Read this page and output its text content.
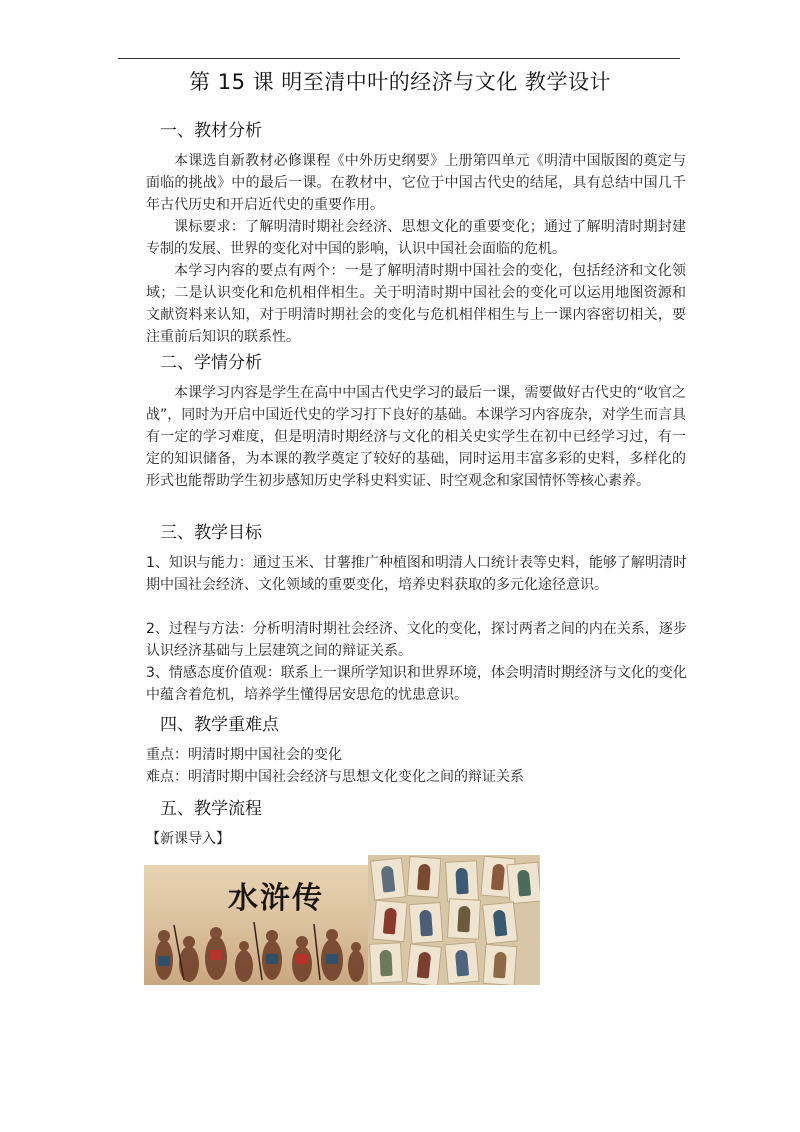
第 15 课 明至清中叶的经济与文化 教学设计
一、教材分析

本课选自新教材必修课程《中外历史纲要》上册第四单元《明清中国版图的奠定与面临的挑战》中的最后一课。在教材中，它位于中国古代史的结尾，具有总结中国几千年古代历史和开启近代史的重要作用。

课标要求：了解明清时期社会经济、思想文化的重要变化；通过了解明清时期封建专制的发展、世界的变化对中国的影响，认识中国社会面临的危机。

本学习内容的要点有两个：一是了解明清时期中国社会的变化，包括经济和文化领域；二是认识变化和危机相伴相生。关于明清时期中国社会的变化可以运用地图资源和文献资料来认知，对于明清时期社会的变化与危机相伴相生与上一课内容密切相关，要注重前后知识的联系性。

二、学情分析

本课学习内容是学生在高中中国古代史学习的最后一课，需要做好古代史的“收官之战”，同时为开启中国近代史的学习打下良好的基础。本课学习内容庞杂，对学生而言具有一定的学习难度，但是明清时期经济与文化的相关史实学生在初中已经学习过，有一定的知识储备，为本课的教学奠定了较好的基础，同时运用丰富多彩的史料，多样化的形式也能帮助学生初步感知历史学科史料实证、时空观念和家国情怀等核心素养。

三、教学目标

1、知识与能力：通过玉米、甘薯推广种植图和明清人口统计表等史料，能够了解明清时期中国社会经济、文化领域的重要变化，培养史料获取的多元化途径意识。

2、过程与方法：分析明清时期社会经济、文化的变化，探讨两者之间的内在关系，逐步认识经济基础与上层建筑之间的辩证关系。

3、情感态度价值观：联系上一课所学知识和世界环境，体会明清时期经济与文化的变化中蕴含着危机，培养学生懂得居安思危的忧患意识。

四、教学重难点

重点：明清时期中国社会的变化

难点：明清时期中国社会经济与思想文化变化之间的辩证关系

五、教学流程

【新课导入】

水浒传
